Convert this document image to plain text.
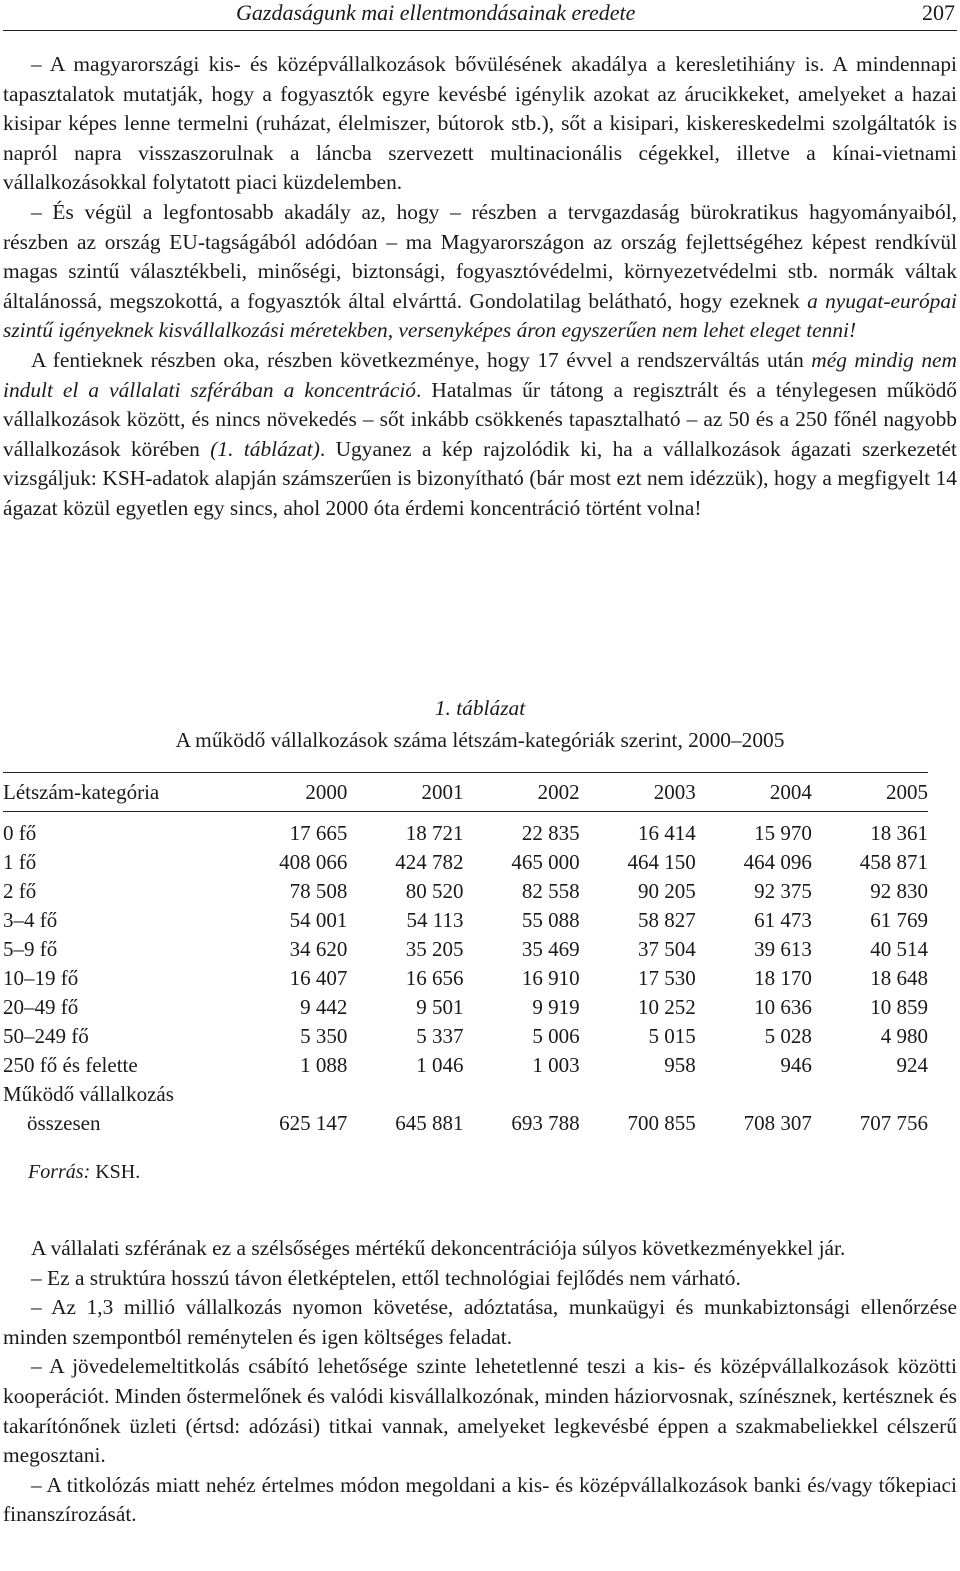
Gazdaságunk mai ellentmondásainak eredete	207

– A magyarországi kis- és középvállalkozások bővülésének akadálya a keresletihiány is. A mindennapi tapasztalatok mutatják, hogy a fogyasztók egyre kevésbé igénylik azokat az árucikkeket, amelyeket a hazai kisipar képes lenne termelni (ruházat, élelmiszer, bútorok stb.), sőt a kisipari, kiskereskedelmi szolgáltatók is napról napra visszaszorulnak a láncba szervezett multinacionális cégekkel, illetve a kínai-vietnami vállalkozásokkal folytatott piaci küzdelemben.

– És végül a legfontosabb akadály az, hogy – részben a tervgazdaság bürokratikus hagyományaiból, részben az ország EU-tagságából adódóan – ma Magyarországon az ország fejlettségéhez képest rendkívül magas szintű választékbeli, minőségi, biztonsági, fogyasztóvédelmi, környezetvédelmi stb. normák váltak általánossá, megszokottá, a fogyasztók által elvárttá. Gondolatilag belátható, hogy ezeknek a nyugat-európai szintű igényeknek kisvállalkozási méretekben, versenyképes áron egyszerűen nem lehet eleget tenni!

A fentieknek részben oka, részben következménye, hogy 17 évvel a rendszerváltás után még mindig nem indult el a vállalati szférában a koncentráció. Hatalmas űr tátong a regisztrált és a ténylegesen működő vállalkozások között, és nincs növekedés – sőt inkább csökkenés tapasztalható – az 50 és a 250 főnél nagyobb vállalkozások körében (1. táblázat). Ugyanez a kép rajzolódik ki, ha a vállalkozások ágazati szerkezetét vizsgáljuk: KSH-adatok alapján számszerűen is bizonyítható (bár most ezt nem idézzük), hogy a megfigyelt 14 ágazat közül egyetlen egy sincs, ahol 2000 óta érdemi koncentráció történt volna!

1. táblázat
A működő vállalkozások száma létszám-kategóriák szerint, 2000–2005
Létszám-kategória	2000	2001	2002	2003	2004	2005
0 fő	17 665	18 721	22 835	16 414	15 970	18 361
1 fő	408 066	424 782	465 000	464 150	464 096	458 871
2 fő	78 508	80 520	82 558	90 205	92 375	92 830
3–4 fő	54 001	54 113	55 088	58 827	61 473	61 769
5–9 fő	34 620	35 205	35 469	37 504	39 613	40 514
10–19 fő	16 407	16 656	16 910	17 530	18 170	18 648
20–49 fő	9 442	9 501	9 919	10 252	10 636	10 859
50–249 fő	5 350	5 337	5 006	5 015	5 028	4 980
250 fő és felette	1 088	1 046	1 003	958	946	924

Működő vállalkozás
összesen	625 147	645 881	693 788	700 855	708 307	707 756
Forrás: KSH.

A vállalati szférának ez a szélsőséges mértékű dekoncentrációja súlyos következményekkel jár.

– Ez a struktúra hosszú távon életképtelen, ettől technológiai fejlődés nem várható.

– Az 1,3 millió vállalkozás nyomon követése, adóztatása, munkaügyi és munkabiztonsági ellenőrzése minden szempontból reménytelen és igen költséges feladat.

– A jövedelemeltitkolás csábító lehetősége szinte lehetetlenné teszi a kis- és középvállalkozások közötti kooperációt. Minden őstermelőnek és valódi kisvállalkozónak, minden háziorvosnak, színésznek, kertésznek és takarítónőnek üzleti (értsd: adózási) titkai vannak, amelyeket legkevésbé éppen a szakmabeliekkel célszerű megosztani.

– A titkolózás miatt nehéz értelmes módon megoldani a kis- és középvállalkozások banki és/vagy tőkepiaci finanszírozását.
